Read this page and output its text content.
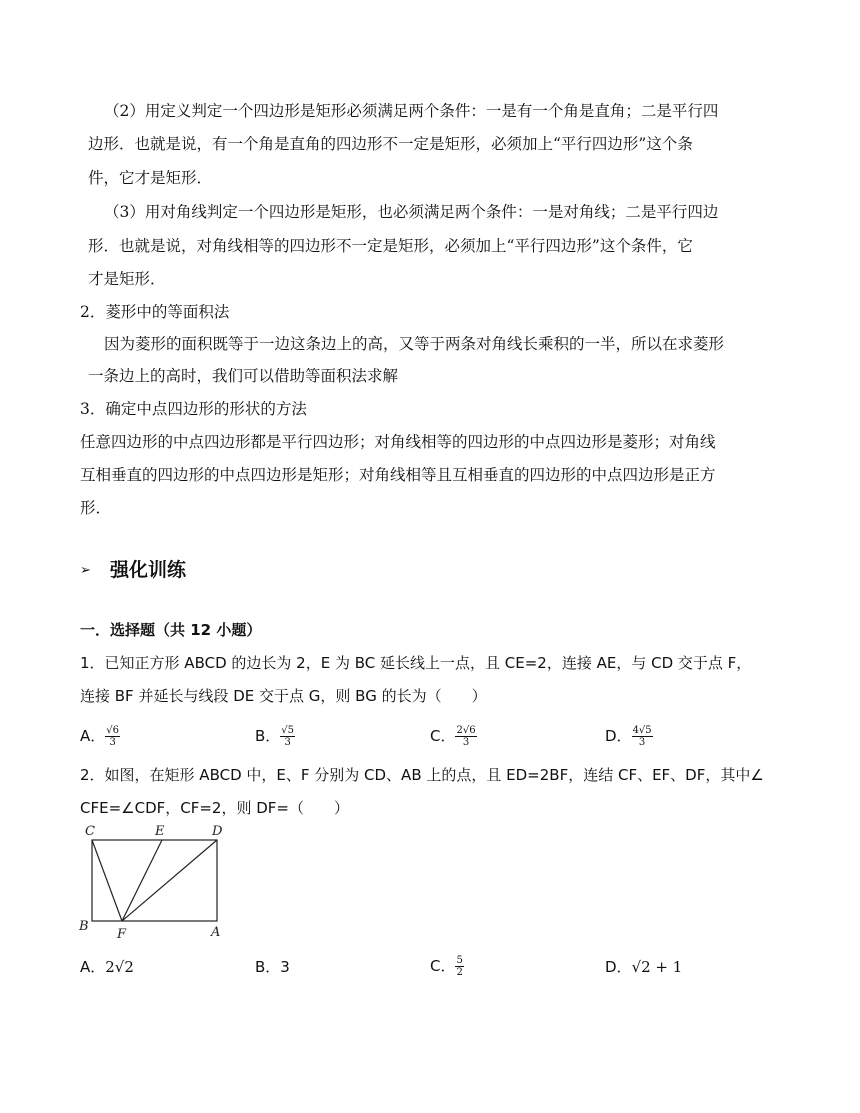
（2）用定义判定一个四边形是矩形必须满足两个条件：一是有一个角是直角；二是平行四
边形．也就是说，有一个角是直角的四边形不一定是矩形，必须加上“平行四边形”这个条
件，它才是矩形．
（3）用对角线判定一个四边形是矩形，也必须满足两个条件：一是对角线；二是平行四边
形．也就是说，对角线相等的四边形不一定是矩形，必须加上“平行四边形”这个条件，它
才是矩形．
2．菱形中的等面积法
因为菱形的面积既等于一边这条边上的高，又等于两条对角线长乘积的一半，所以在求菱形
一条边上的高时，我们可以借助等面积法求解
3．确定中点四边形的形状的方法
任意四边形的中点四边形都是平行四边形；对角线相等的四边形的中点四边形是菱形；对角线
互相垂直的四边形的中点四边形是矩形；对角线相等且互相垂直的四边形的中点四边形是正方
形．
➢ 强化训练
一．选择题（共 12 小题）
1．已知正方形 ABCD 的边长为 2，E 为 BC 延长线上一点，且 CE=2，连接 AE，与 CD 交于点 F，
连接 BF 并延长与线段 DE 交于点 G，则 BG 的长为（　　）
A． $\frac{√6}{3}$	B． $\frac{√5}{3}$	C． $\frac{2√6}{3}$	D． $\frac{4√5}{3}$
2．如图，在矩形 ABCD 中，E、F 分别为 CD、AB 上的点，且 ED=2BF，连结 CF、EF、DF，其中∠
CFE=∠CDF，CF=2，则 DF=（　　）
C	E	D
B
F	A
A．2√2	B．3	C． $\frac{5}{2}$	D．√2 + 1
